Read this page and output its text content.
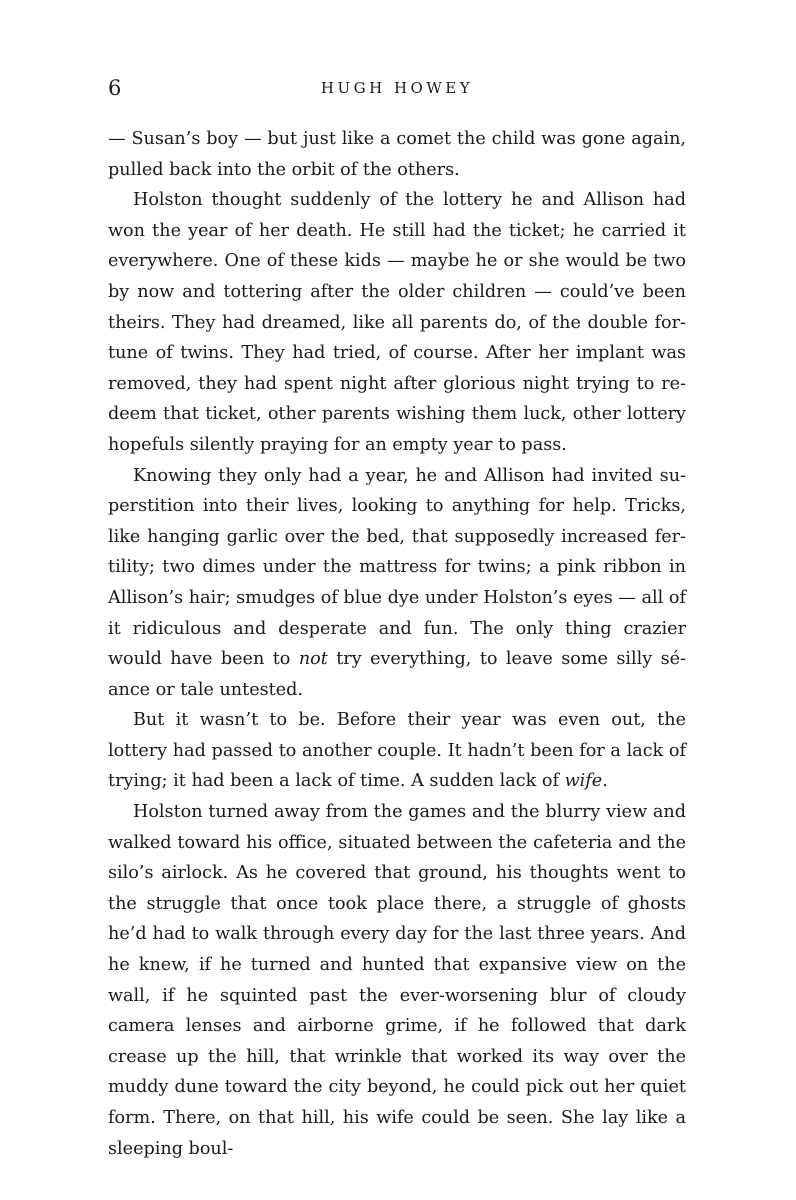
6	HUGH HOWEY

— Susan’s boy — but just like a comet the child was gone again, pulled back into the orbit of the others.

Holston thought suddenly of the lottery he and Allison had won the year of her death. He still had the ticket; he carried it everywhere. One of these kids — maybe he or she would be two by now and tottering after the older children — could’ve been theirs. They had dreamed, like all parents do, of the double fortune of twins. They had tried, of course. After her implant was removed, they had spent night after glorious night trying to redeem that ticket, other parents wishing them luck, other lottery hopefuls silently praying for an empty year to pass.

Knowing they only had a year, he and Allison had invited superstition into their lives, looking to anything for help. Tricks, like hanging garlic over the bed, that supposedly increased fertility; two dimes under the mattress for twins; a pink ribbon in Allison’s hair; smudges of blue dye under Holston’s eyes — all of it ridiculous and desperate and fun. The only thing crazier would have been to not try everything, to leave some silly séance or tale untested.

But it wasn’t to be. Before their year was even out, the lottery had passed to another couple. It hadn’t been for a lack of trying; it had been a lack of time. A sudden lack of wife.

Holston turned away from the games and the blurry view and walked toward his office, situated between the cafeteria and the silo’s airlock. As he covered that ground, his thoughts went to the struggle that once took place there, a struggle of ghosts he’d had to walk through every day for the last three years. And he knew, if he turned and hunted that expansive view on the wall, if he squinted past the ever-worsening blur of cloudy camera lenses and airborne grime, if he followed that dark crease up the hill, that wrinkle that worked its way over the muddy dune toward the city beyond, he could pick out her quiet form. There, on that hill, his wife could be seen. She lay like a sleeping boul-
